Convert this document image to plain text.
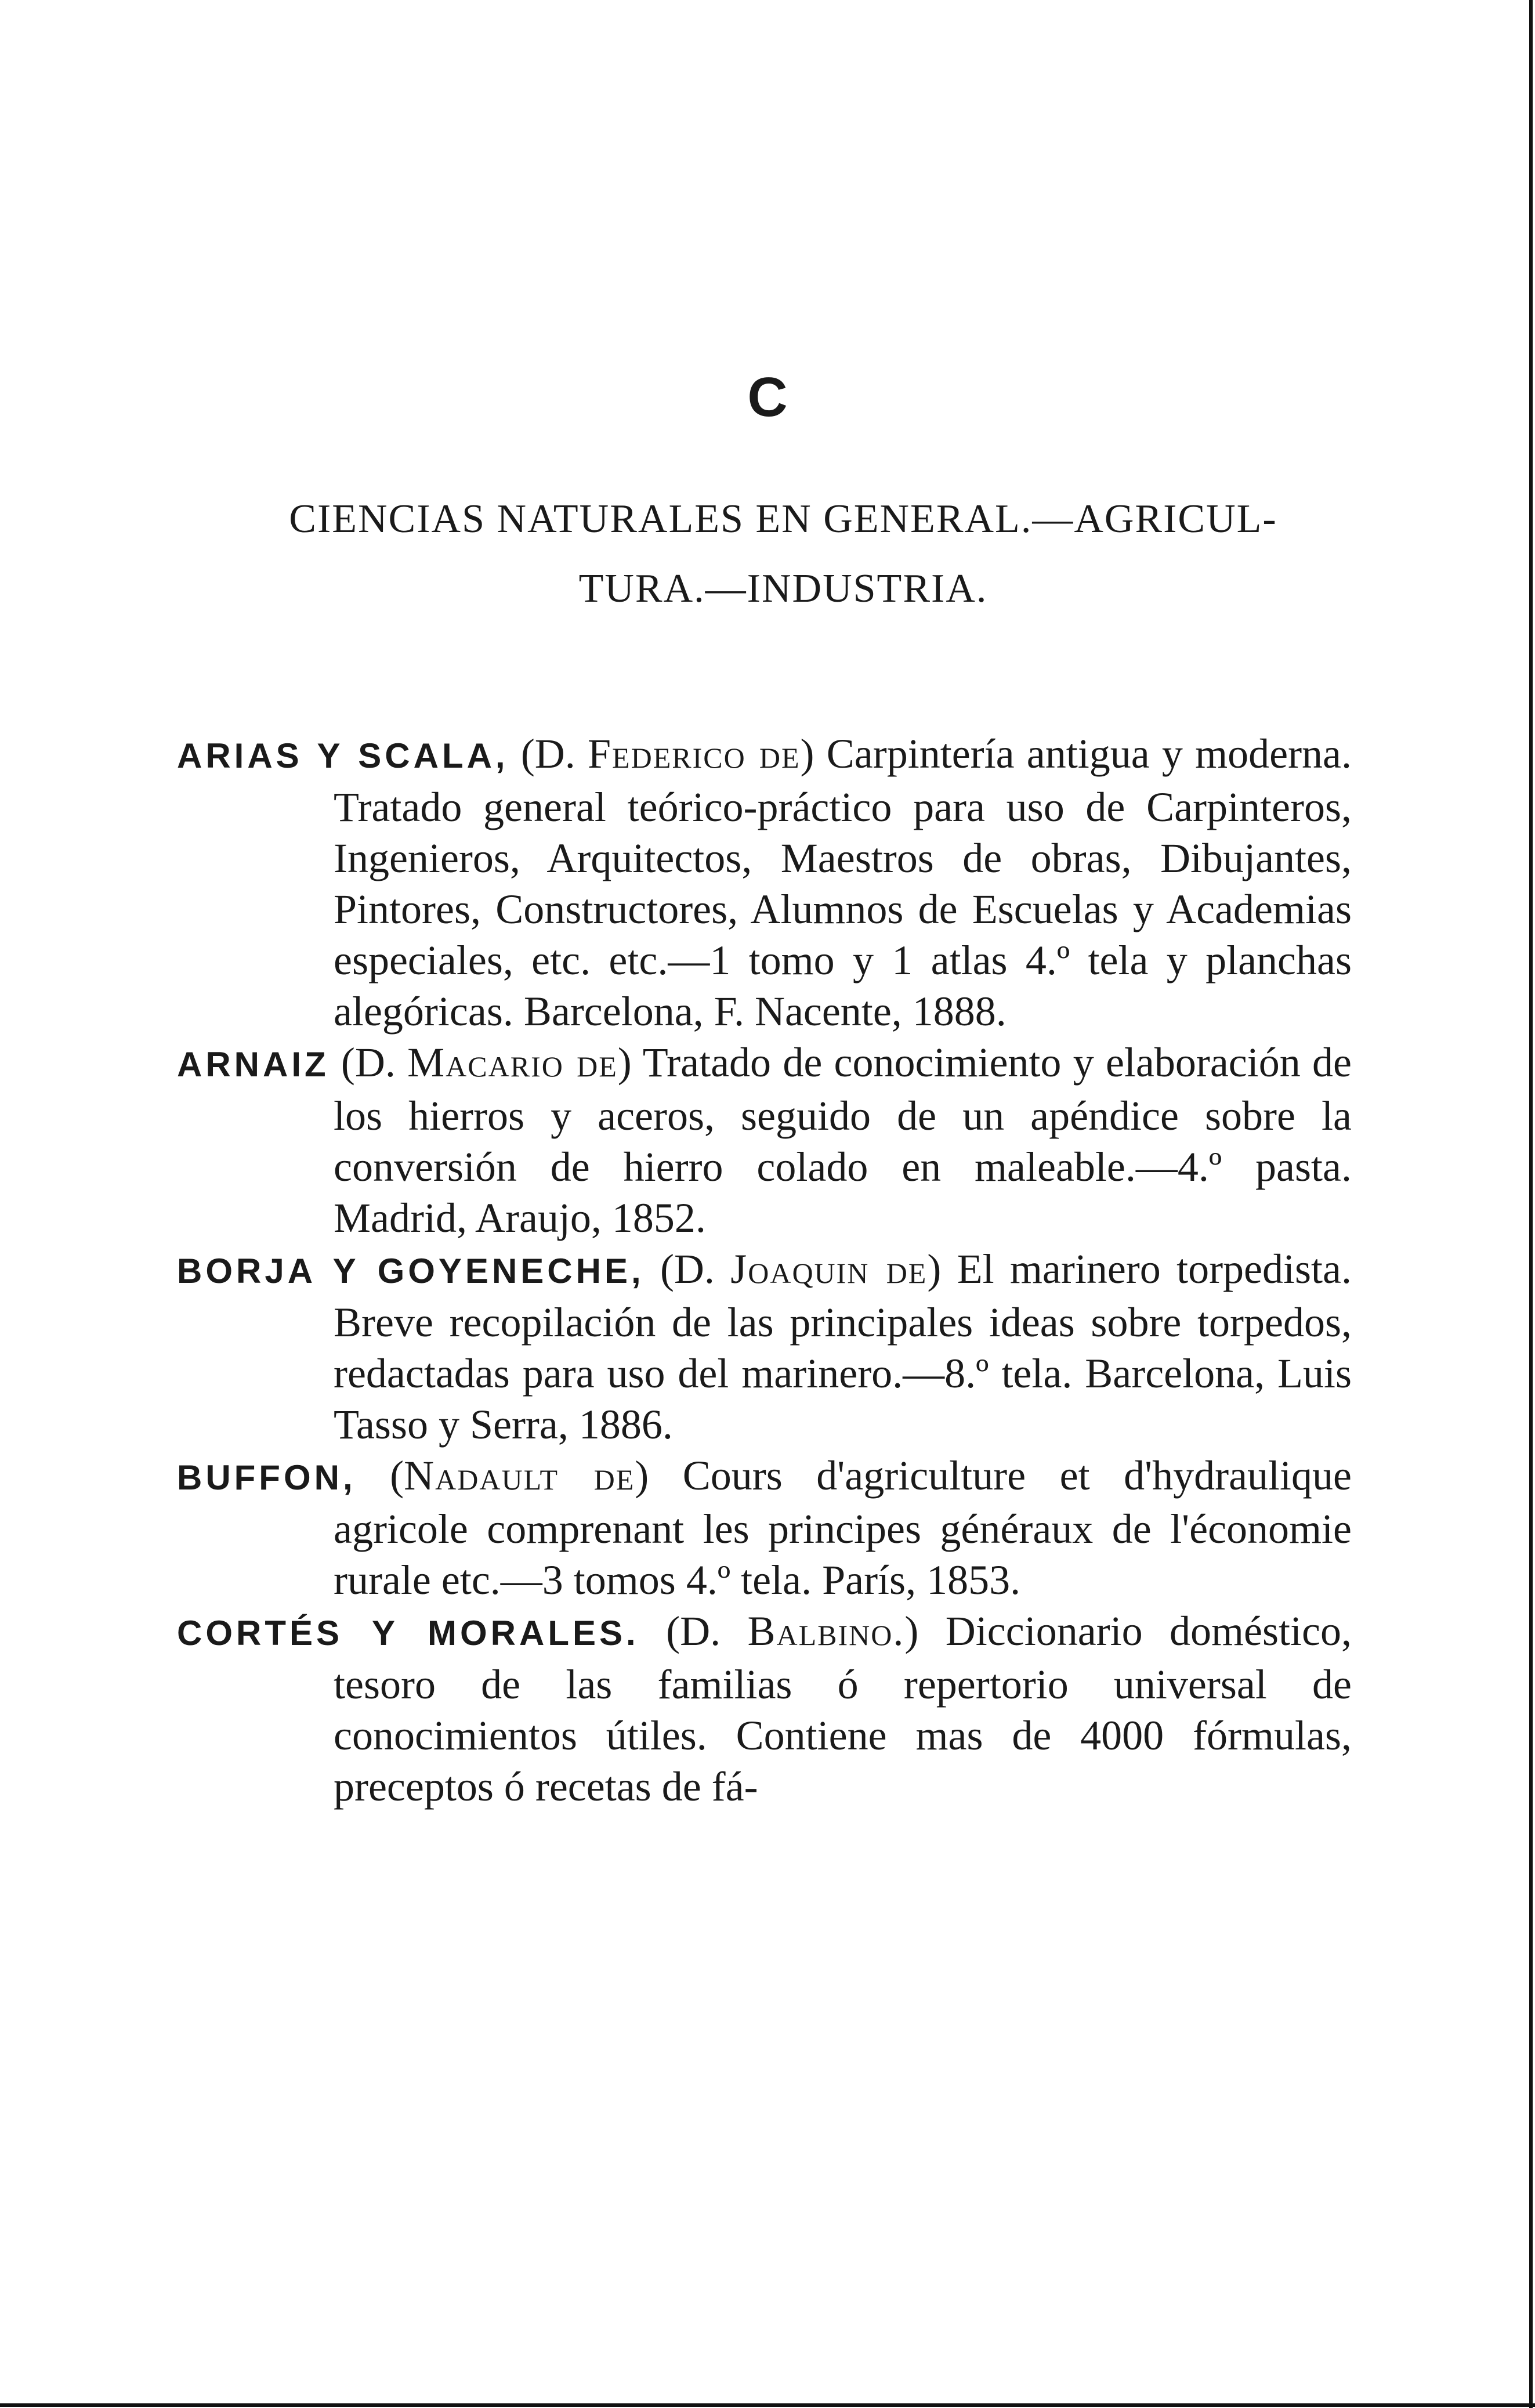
C
CIENCIAS NATURALES EN GENERAL.—AGRICUL-
TURA.—INDUSTRIA.

ARIAS Y SCALA, (D. Federico de) Carpintería antigua y moderna. Tratado general teórico-práctico para uso de Carpinteros, Ingenieros, Arquitectos, Maestros de obras, Dibujantes, Pintores, Constructores, Alumnos de Escuelas y Academias especiales, etc. etc.—1 tomo y 1 atlas 4.º tela y planchas alegóricas. Barcelona, F. Nacente, 1888.

ARNAIZ (D. Macario de) Tratado de conocimiento y elaboración de los hierros y aceros, seguido de un apéndice sobre la conversión de hierro colado en maleable.—4.º pasta. Madrid, Araujo, 1852.

BORJA Y GOYENECHE, (D. Joaquin de) El marinero torpedista. Breve recopilación de las principales ideas sobre torpedos, redactadas para uso del marinero.—8.º tela. Barcelona, Luis Tasso y Serra, 1886.

BUFFON, (Nadault de) Cours d'agriculture et d'hydraulique agricole comprenant les principes généraux de l'économie rurale etc.—3 tomos 4.º tela. París, 1853.

CORTÉS Y MORALES. (D. Balbino.) Diccionario doméstico, tesoro de las familias ó repertorio universal de conocimientos útiles. Contiene mas de 4000 fórmulas, preceptos ó recetas de fá-
